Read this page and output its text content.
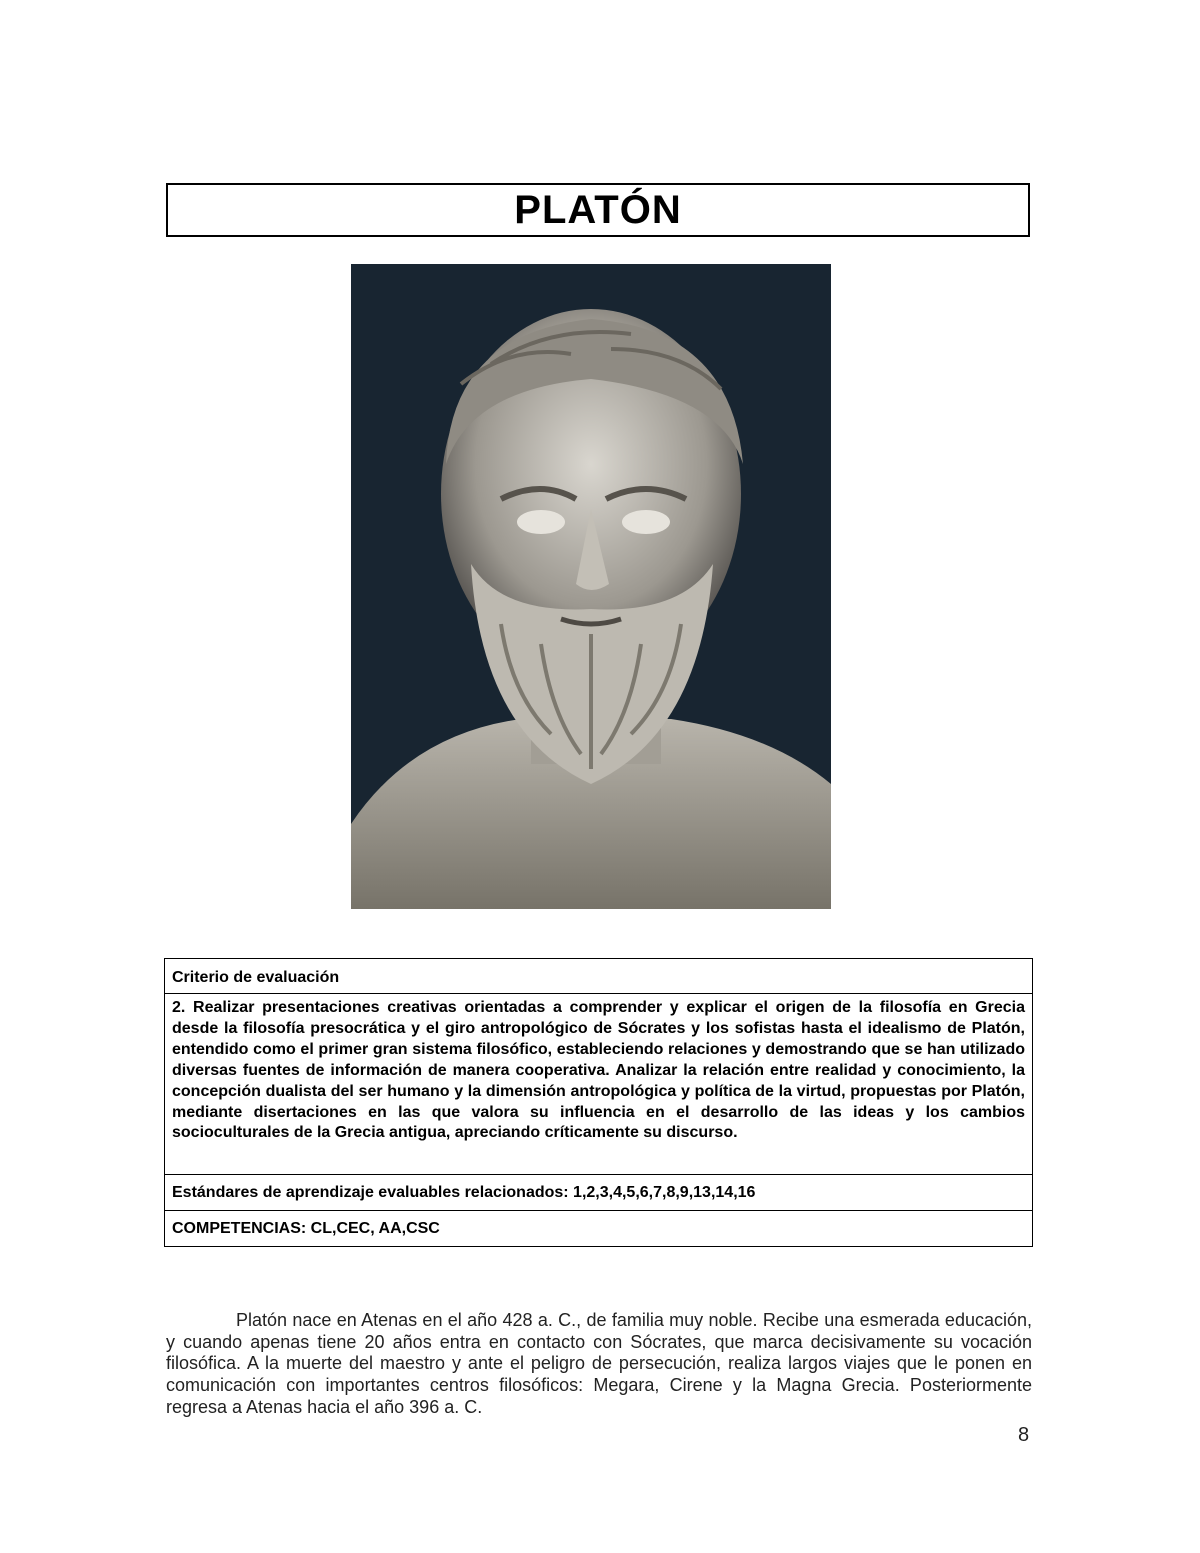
PLATÓN
Criterio de evaluación
2. Realizar presentaciones creativas orientadas a comprender y explicar el origen de la filosofía en Grecia desde la filosofía presocrática y el giro antropológico de Sócrates y los sofistas hasta el idealismo de Platón, entendido como el primer gran sistema filosófico, estableciendo relaciones y demostrando que se han utilizado diversas fuentes de información de manera cooperativa. Analizar la relación entre realidad y conocimiento, la concepción dualista del ser humano y la dimensión antropológica y política de la virtud, propuestas por Platón, mediante disertaciones en las que valora su influencia en el desarrollo de las ideas y los cambios socioculturales de la Grecia antigua, apreciando críticamente su discurso.
Estándares de aprendizaje evaluables relacionados: 1,2,3,4,5,6,7,8,9,13,14,16
COMPETENCIAS: CL,CEC, AA,CSC

Platón nace en Atenas en el año 428 a. C., de familia muy noble. Recibe una esmerada educación, y cuando apenas tiene 20 años entra en contacto con Sócrates, que marca decisivamente su vocación filosófica. A la muerte del maestro y ante el peligro de persecución, realiza largos viajes que le ponen en comunicación con importantes centros filosóficos: Megara, Cirene y la Magna Grecia. Posteriormente regresa a Atenas hacia el año 396 a. C.

8
